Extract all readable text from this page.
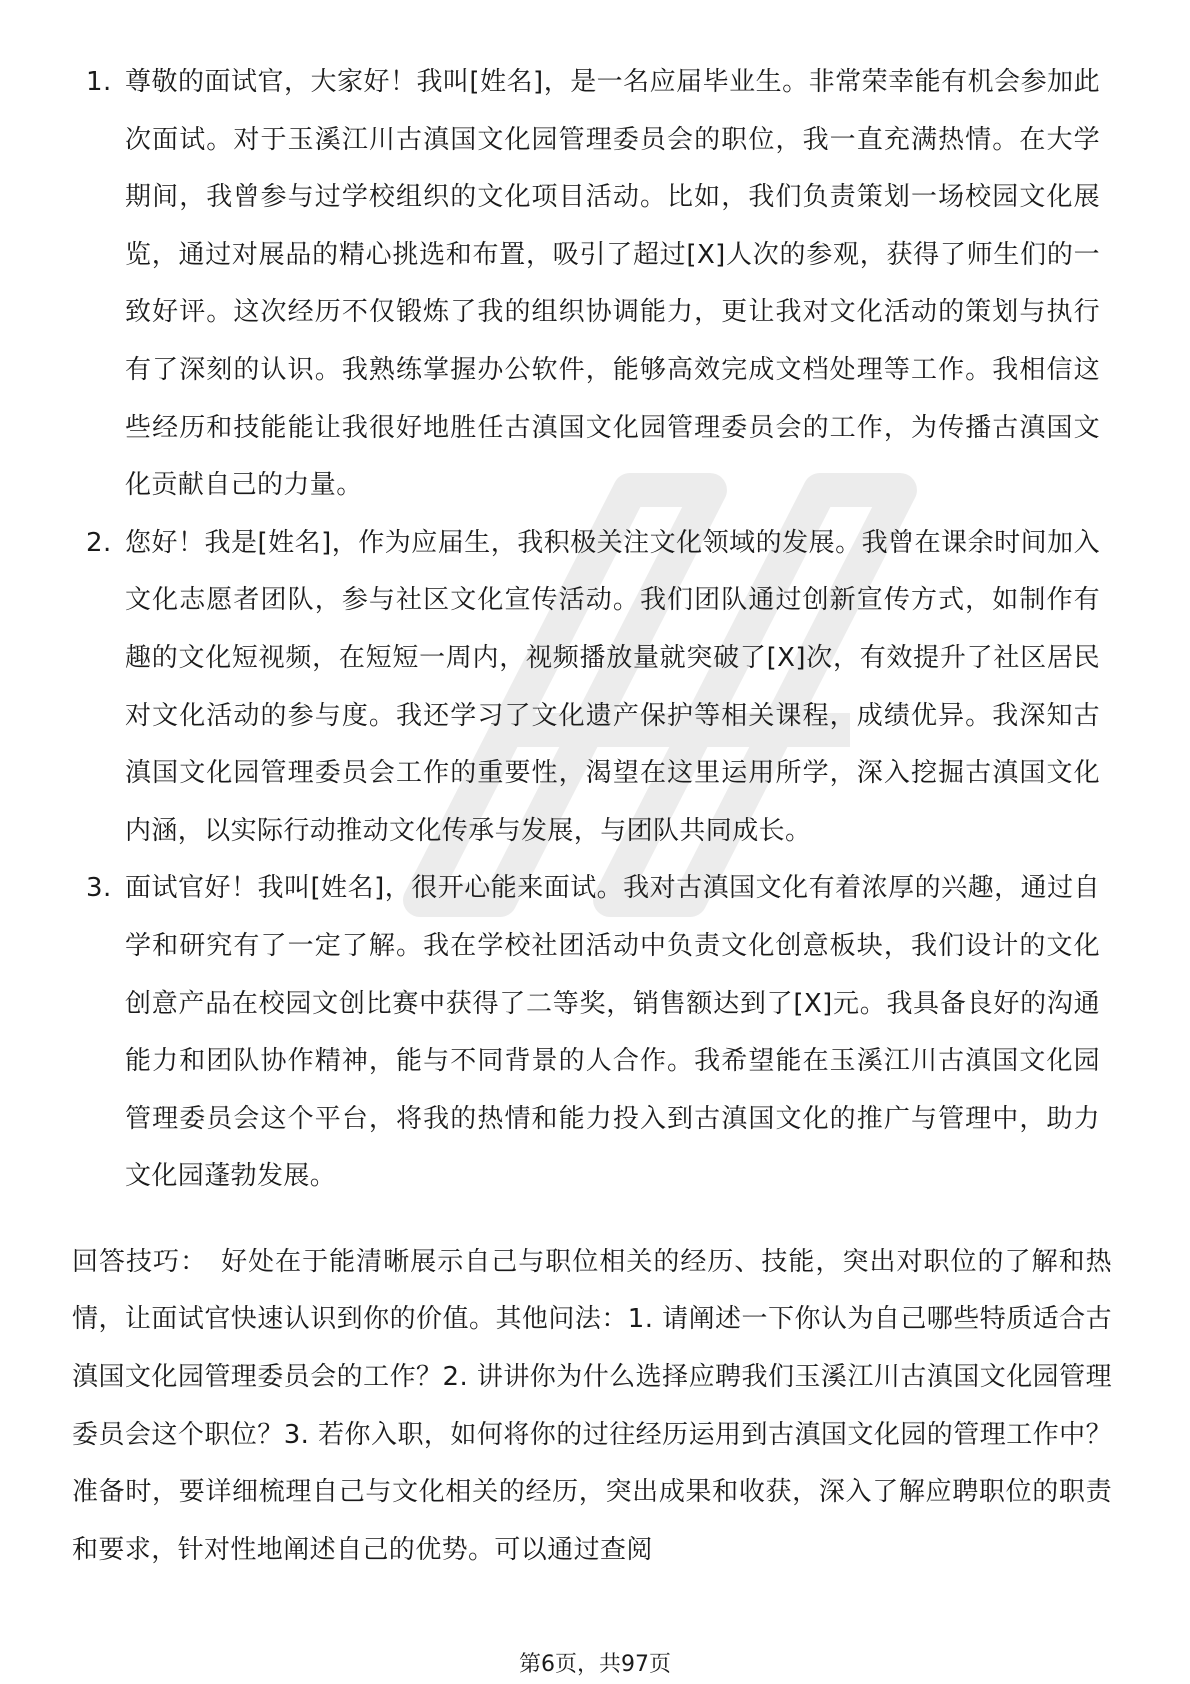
1. 尊敬的面试官，大家好！我叫[姓名]，是一名应届毕业生。非常荣幸能有机会参加此次面试。对于玉溪江川古滇国文化园管理委员会的职位，我一直充满热情。在大学期间，我曾参与过学校组织的文化项目活动。比如，我们负责策划一场校园文化展览，通过对展品的精心挑选和布置，吸引了超过[X]人次的参观，获得了师生们的一致好评。这次经历不仅锻炼了我的组织协调能力，更让我对文化活动的策划与执行有了深刻的认识。我熟练掌握办公软件，能够高效完成文档处理等工作。我相信这些经历和技能能让我很好地胜任古滇国文化园管理委员会的工作，为传播古滇国文化贡献自己的力量。
2. 您好！我是[姓名]，作为应届生，我积极关注文化领域的发展。我曾在课余时间加入文化志愿者团队，参与社区文化宣传活动。我们团队通过创新宣传方式，如制作有趣的文化短视频，在短短一周内，视频播放量就突破了[X]次，有效提升了社区居民对文化活动的参与度。我还学习了文化遗产保护等相关课程，成绩优异。我深知古滇国文化园管理委员会工作的重要性，渴望在这里运用所学，深入挖掘古滇国文化内涵，以实际行动推动文化传承与发展，与团队共同成长。
3. 面试官好！我叫[姓名]，很开心能来面试。我对古滇国文化有着浓厚的兴趣，通过自学和研究有了一定了解。我在学校社团活动中负责文化创意板块，我们设计的文化创意产品在校园文创比赛中获得了二等奖，销售额达到了[X]元。我具备良好的沟通能力和团队协作精神，能与不同背景的人合作。我希望能在玉溪江川古滇国文化园管理委员会这个平台，将我的热情和能力投入到古滇国文化的推广与管理中，助力文化园蓬勃发展。
回答技巧： 好处在于能清晰展示自己与职位相关的经历、技能，突出对职位的了解和热情，让面试官快速认识到你的价值。其他问法：1. 请阐述一下你认为自己哪些特质适合古滇国文化园管理委员会的工作？2. 讲讲你为什么选择应聘我们玉溪江川古滇国文化园管理委员会这个职位？3. 若你入职，如何将你的过往经历运用到古滇国文化园的管理工作中？准备时，要详细梳理自己与文化相关的经历，突出成果和收获，深入了解应聘职位的职责和要求，针对性地阐述自己的优势。可以通过查阅
第6页，共97页
